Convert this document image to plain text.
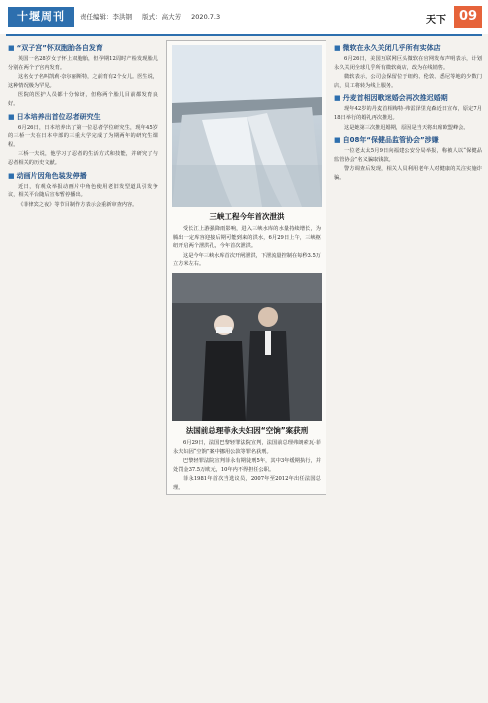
十堰周刊	责任编辑：李洪钢 版式：高大芳 2020.7.3	天下 09
■ “双子宫”怀双胞胎各自发育

英国一名28岁女子怀上双胞胎，但孕期12周时产检发现胎儿分别在两个子宫内发育。

这名女子名叫凯莉·奈尔丽斯特，之前育有2个女儿。医生说，这种情况极为罕见。

医院的医护人员都十分惊讶，但称两个胎儿目前都发育良好。

■ 日本培养出首位忍者研究生

6月26日，日本培养出了第一位忍者学位研究生，现年45岁的三桥一夫在日本中部的三重大学完成了为期两年的研究生课程。

三桥一夫说，他学习了忍者的生活方式和技能，并研究了与忍者相关的历史文献。

■ 动画片因角色装发停播

近日，有观众举报动画片中角色使用老旧发型道具引发争议，相关平台随后宣布暂停播出。

《菲律宾之夜》等节目制作方表示会重新审查内容。

三峡工程今年首次泄洪

受长江上游强降雨影响，进入三峡水库的水量持续增长，为腾出一定库容迎接后期可能到来的洪水，6月29日上午，三峡枢纽开启两个泄洪孔，今年首次泄洪。

这是今年三峡水库首次开闸泄洪，下泄流量控制在每秒3.5万立方米左右。

法国前总理菲永夫妇因“空饷”案获刑

6月29日，法国巴黎轻罪法院宣判，法国前总理弗朗索瓦·菲永夫妇因“空饷”案中挪用公款等罪名获刑。

巴黎轻罪法院宣判菲永有期徒刑5年，其中3年缓期执行，并处罚金37.5万欧元，10年内不得担任公职。

菲永1981年首次当选议员，2007年至2012年出任法国总理。

■ 微软在永久关闭几乎所有实体店

6月26日，美国互联网巨头微软在官网发布声明表示，计划永久关闭全球几乎所有微软商店，改为在线销售。

微软表示，公司会保留位于纽约、伦敦、悉尼等地的少数门店，员工将转为线上服务。

■ 丹麦首相因歌迷婚会再次推迟婚期

现年42岁的丹麦首相梅特·弗雷泽里克森近日宣布，原定7月18日举行的婚礼再次推迟。

这是她第三次推迟婚期，原因是当天将出席欧盟峰会。

■ 自08年“保健品监管协会”涉嫌

一位老太太5月9日向福建公安分局举报，称被人以“保健品监管协会”名义骗取钱款。

警方调查后发现，相关人员利用老年人对健康的关注实施诈骗。
